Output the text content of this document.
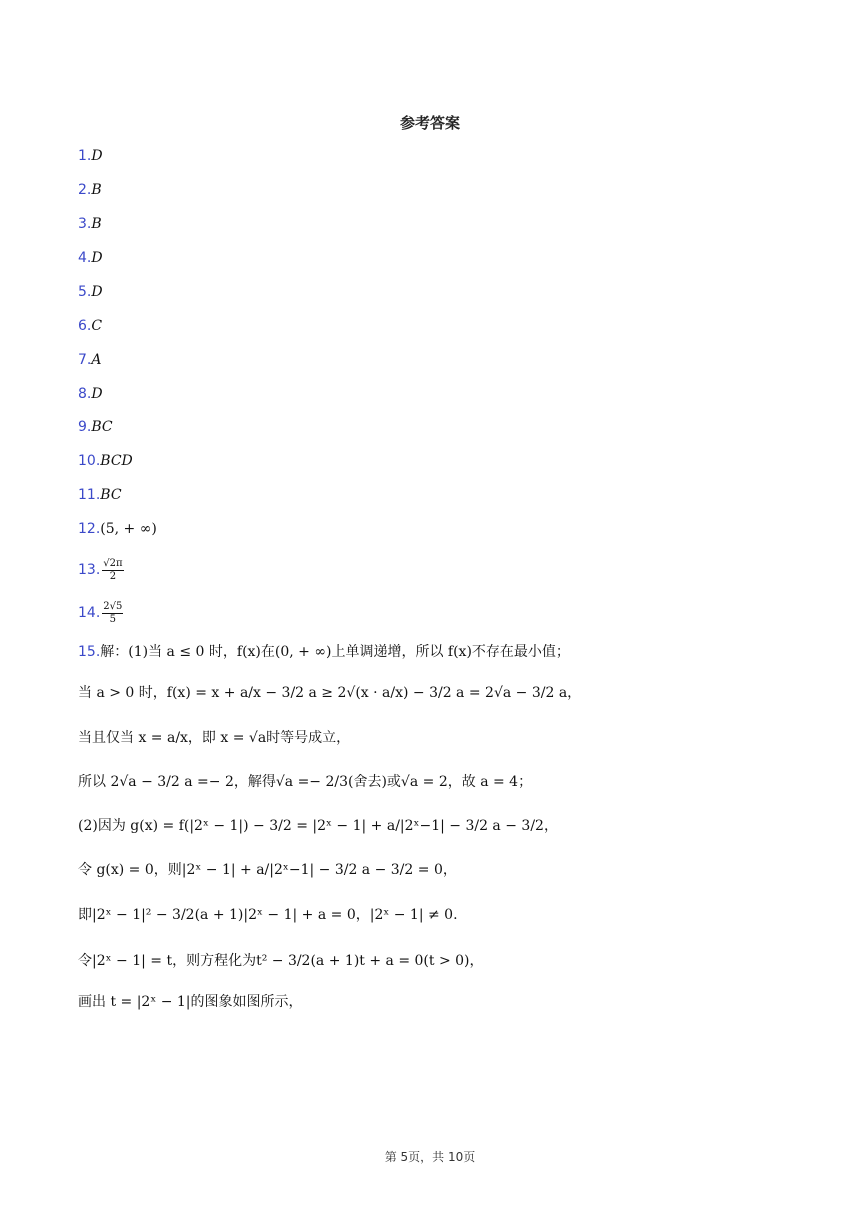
参考答案
1.D
2.B
3.B
4.D
5.D
6.C
7.A
8.D
9.BC
10.BCD
11.BC
12.(5, + ∞)
13. $\frac{√2\pi}{2}$
14. $\frac{2√5}{5}$
15.解：(1)当 a ≤ 0 时，f(x)在(0, + ∞)上单调递增，所以 f(x)不存在最小值；
当 a > 0 时，f(x) = x + a/x − 3/2 a ≥ 2√(x · a/x) − 3/2 a = 2√a − 3/2 a，
当且仅当 x = a/x，即 x = √a时等号成立，
所以 2√a − 3/2 a =− 2，解得√a =− 2/3(舍去)或√a = 2，故 a = 4；
(2)因为 g(x) = f(|2ˣ − 1|) − 3/2 = |2ˣ − 1| + a/|2ˣ−1| − 3/2 a − 3/2，
令 g(x) = 0，则|2ˣ − 1| + a/|2ˣ−1| − 3/2 a − 3/2 = 0，
即|2ˣ − 1|² − 3/2(a + 1)|2ˣ − 1| + a = 0，|2ˣ − 1| ≠ 0.
令|2ˣ − 1| = t，则方程化为t² − 3/2(a + 1)t + a = 0(t > 0)，
画出 t = |2ˣ − 1|的图象如图所示，
第 5页，共 10页
